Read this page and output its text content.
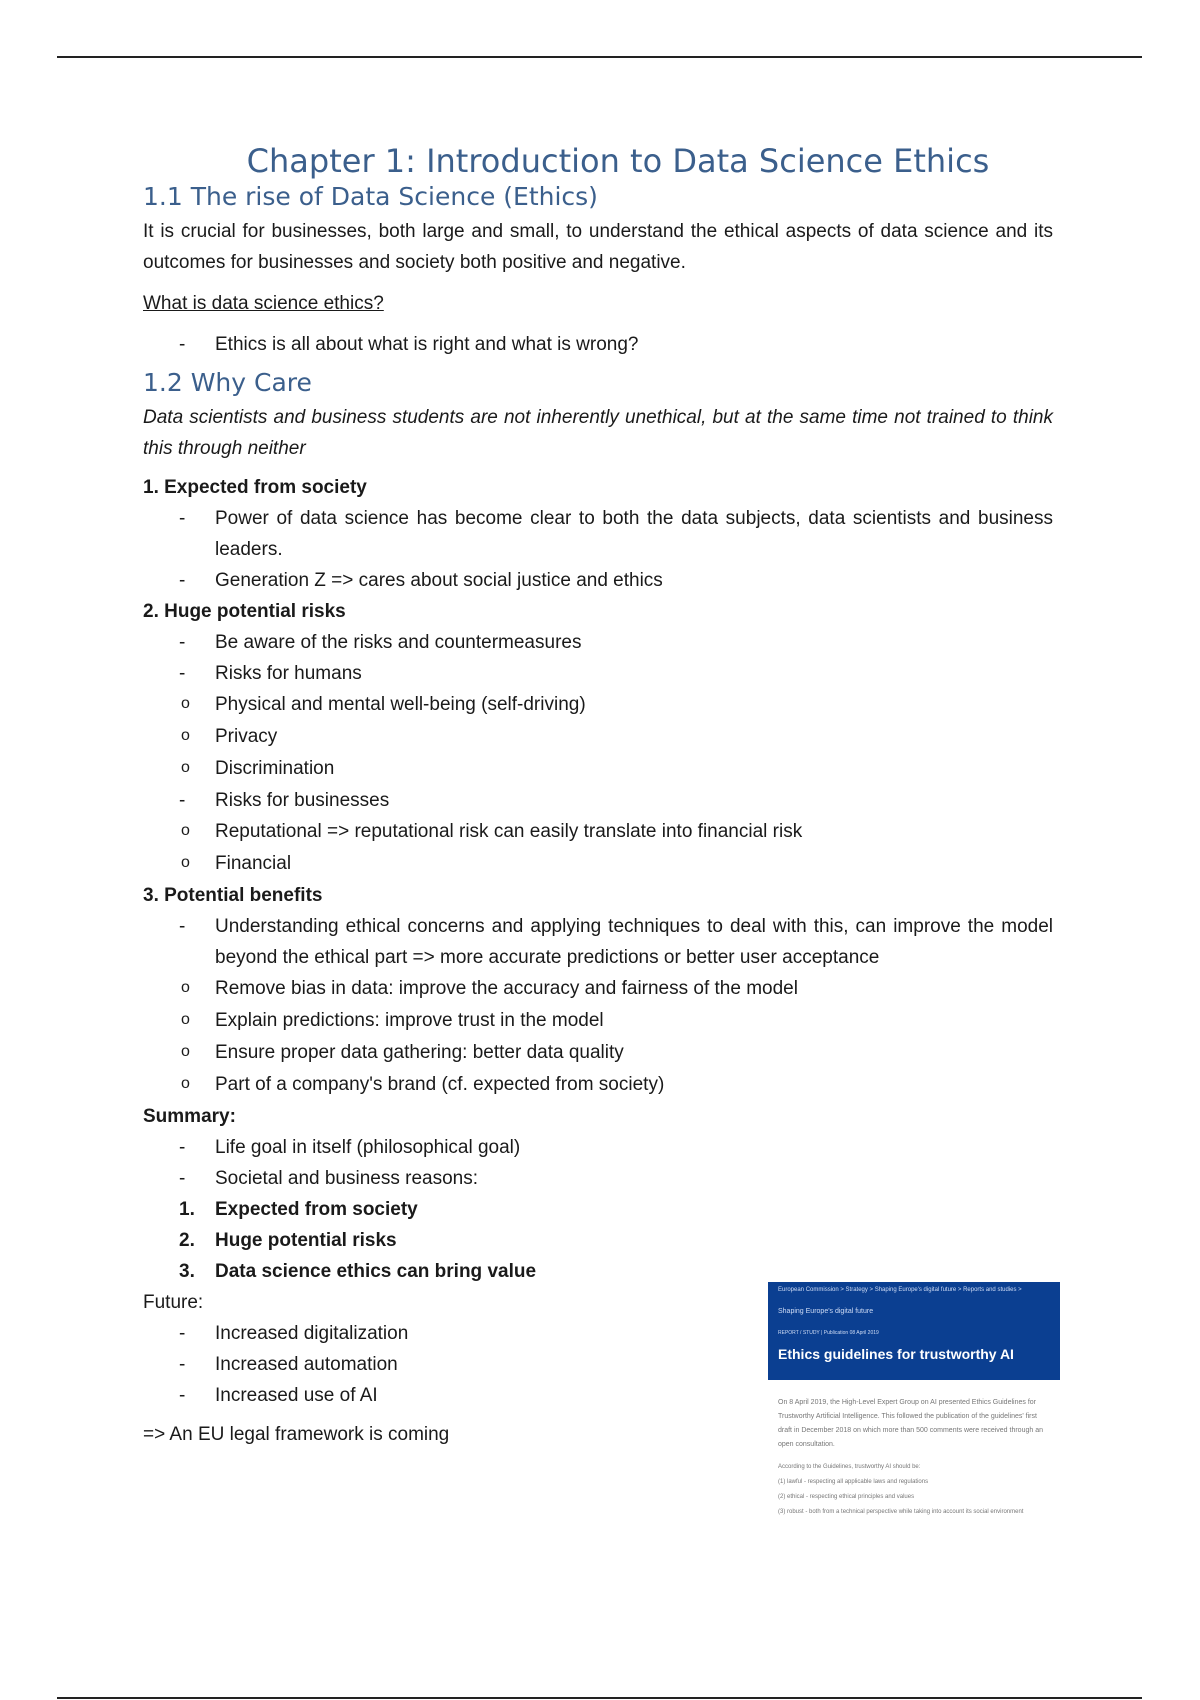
Chapter 1: Introduction to Data Science Ethics
1.1 The rise of Data Science (Ethics)

It is crucial for businesses, both large and small, to understand the ethical aspects of data science and its outcomes for businesses and society both positive and negative.

What is data science ethics?

- Ethics is all about what is right and what is wrong?
1.2 Why Care

Data scientists and business students are not inherently unethical, but at the same time not trained to think this through neither

1. Expected from society

- Power of data science has become clear to both the data subjects, data scientists and business leaders.
- Generation Z => cares about social justice and ethics

2. Huge potential risks

- Be aware of the risks and countermeasures
- Risks for humans
o Physical and mental well-being (self-driving)
o Privacy
o Discrimination
- Risks for businesses
o Reputational => reputational risk can easily translate into financial risk
o Financial

3. Potential benefits

- Understanding ethical concerns and applying techniques to deal with this, can improve the model beyond the ethical part => more accurate predictions or better user acceptance
o Remove bias in data: improve the accuracy and fairness of the model
o Explain predictions: improve trust in the model
o Ensure proper data gathering: better data quality
o Part of a company's brand (cf. expected from society)

Summary:

- Life goal in itself (philosophical goal)
- Societal and business reasons:
1. Expected from society
2. Huge potential risks
3. Data science ethics can bring value

Future:

- Increased digitalization
- Increased automation
- Increased use of AI

=> An EU legal framework is coming

European Commission > Strategy > Shaping Europe's digital future > Reports and studies >
Shaping Europe's digital future
REPORT / STUDY | Publication 08 April 2019
Ethics guidelines for trustworthy AI

On 8 April 2019, the High-Level Expert Group on AI presented Ethics Guidelines for Trustworthy Artificial Intelligence. This followed the publication of the guidelines' first draft in December 2018 on which more than 500 comments were received through an open consultation.

According to the Guidelines, trustworthy AI should be:
(1) lawful - respecting all applicable laws and regulations
(2) ethical - respecting ethical principles and values
(3) robust - both from a technical perspective while taking into account its social environment
